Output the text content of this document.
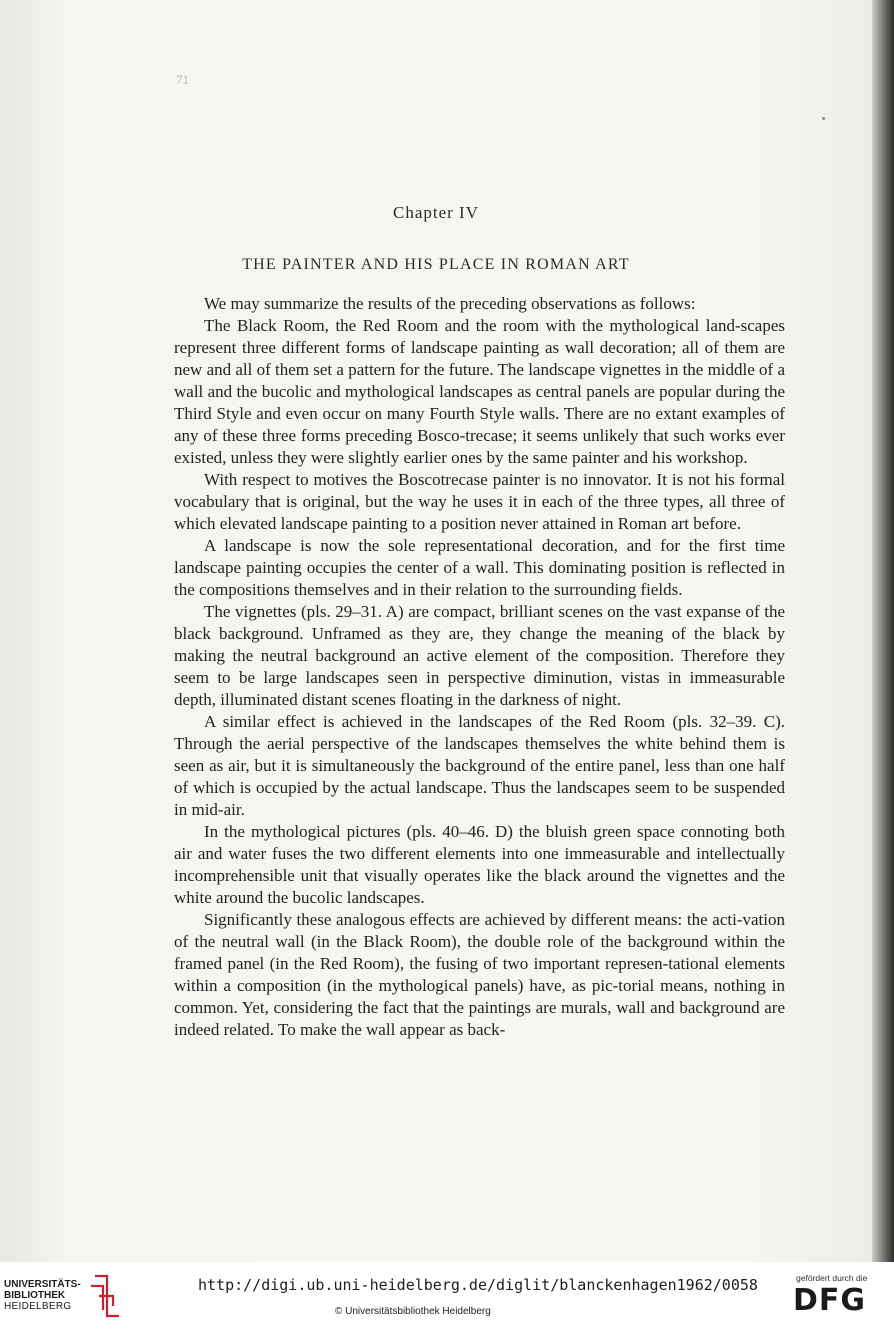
71
Chapter IV
THE PAINTER AND HIS PLACE IN ROMAN ART

We may summarize the results of the preceding observations as follows:

The Black Room, the Red Room and the room with the mythological land-scapes represent three different forms of landscape painting as wall decoration; all of them are new and all of them set a pattern for the future. The landscape vignettes in the middle of a wall and the bucolic and mythological landscapes as central panels are popular during the Third Style and even occur on many Fourth Style walls. There are no extant examples of any of these three forms preceding Bosco-trecase; it seems unlikely that such works ever existed, unless they were slightly earlier ones by the same painter and his workshop.

With respect to motives the Boscotrecase painter is no innovator. It is not his formal vocabulary that is original, but the way he uses it in each of the three types, all three of which elevated landscape painting to a position never attained in Roman art before.

A landscape is now the sole representational decoration, and for the first time landscape painting occupies the center of a wall. This dominating position is reflected in the compositions themselves and in their relation to the surrounding fields.

The vignettes (pls. 29–31. A) are compact, brilliant scenes on the vast expanse of the black background. Unframed as they are, they change the meaning of the black by making the neutral background an active element of the composition. Therefore they seem to be large landscapes seen in perspective diminution, vistas in immeasurable depth, illuminated distant scenes floating in the darkness of night.

A similar effect is achieved in the landscapes of the Red Room (pls. 32–39. C). Through the aerial perspective of the landscapes themselves the white behind them is seen as air, but it is simultaneously the background of the entire panel, less than one half of which is occupied by the actual landscape. Thus the landscapes seem to be suspended in mid-air.

In the mythological pictures (pls. 40–46. D) the bluish green space connoting both air and water fuses the two different elements into one immeasurable and intellectually incomprehensible unit that visually operates like the black around the vignettes and the white around the bucolic landscapes.

Significantly these analogous effects are achieved by different means: the acti-vation of the neutral wall (in the Black Room), the double role of the background within the framed panel (in the Red Room), the fusing of two important represen-tational elements within a composition (in the mythological panels) have, as pic-torial means, nothing in common. Yet, considering the fact that the paintings are murals, wall and background are indeed related. To make the wall appear as back-

UNIVERSITÄTS-
BIBLIOTHEK
HEIDELBERG
http://digi.ub.uni-heidelberg.de/diglit/blanckenhagen1962/0058
© Universitätsbibliothek Heidelberg
gefördert durch die
DFG
